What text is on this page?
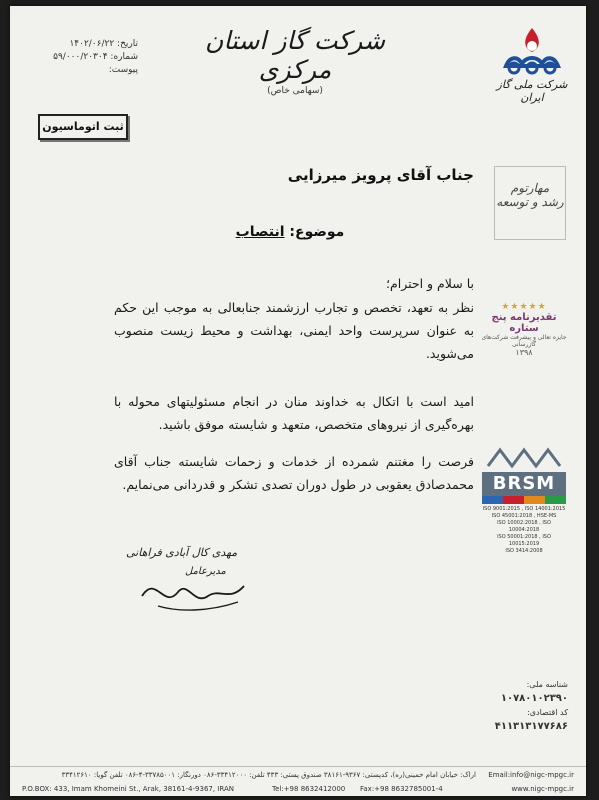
تاریخ: ۱۴۰۲/۰۶/۲۲
شماره: ۵۹/۰۰۰/۲۰۳۰۴
پیوست:
شرکت گاز استان مرکزی
(سهامی خاص)	شرکت ملی گاز ایران
ثبت اتوماسیون
مهارتوم
رشد و توسعه
★★★★★
تقدیرنامه پنج ستاره
جایزه تعالی و پیشرفت شرکت‌های گازرسانی
۱۳۹۸
BRSM
ISO 9001:2015 , ISO 14001:2015
ISO 45001:2018 , HSE-MS
ISO 10002:2018 , ISO 10004:2018
ISO 50001:2018 , ISO 10015:2019
ISO 3414:2008
جناب آقای پرویز میرزایی
موضوع: انتصاب
با سلام و احترام؛
نظر به تعهد، تخصص و تجارب ارزشمند جنابعالی به موجب این حکم به عنوان سرپرست واحد ایمنی، بهداشت و محیط زیست منصوب می‌شوید.
امید است با اتکال به خداوند منان در انجام مسئولیتهای محوله با بهره‌گیری از نیروهای متخصص، متعهد و شایسته موفق باشید.
فرصت را مغتنم شمرده از خدمات و زحمات شایسته جناب آقای محمدصادق یعقوبی در طول دوران تصدی تشکر و قدردانی می‌نمایم.
مهدی کال آبادی فراهانی
مدیرعامل
شناسه ملی:
۱۰۷۸۰۱۰۲۳۹۰
کد اقتصادی:
۴۱۱۳۱۳۱۷۷۶۸۶
اراک: خیابان امام خمینی(ره)، کدپستی: ۹۳۶۷-۳۸۱۶۱ صندوق پستی: ۴۳۳ تلفن: ۳۳۴۱۲۰۰۰-۰۸۶ دورنگار: ۳۳۷۸۵۰۰۱-۴-۰۸۶ تلفن گویا: ۳۳۴۱۲۶۱۰ Email:info@nigc-mpgc.ir
P.O.BOX: 433, Imam Khomeini St., Arak, 38161-4-9367, IRAN	Tel:+98 8632412000 Fax:+98 8632785001-4	www.nigc-mpgc.ir
